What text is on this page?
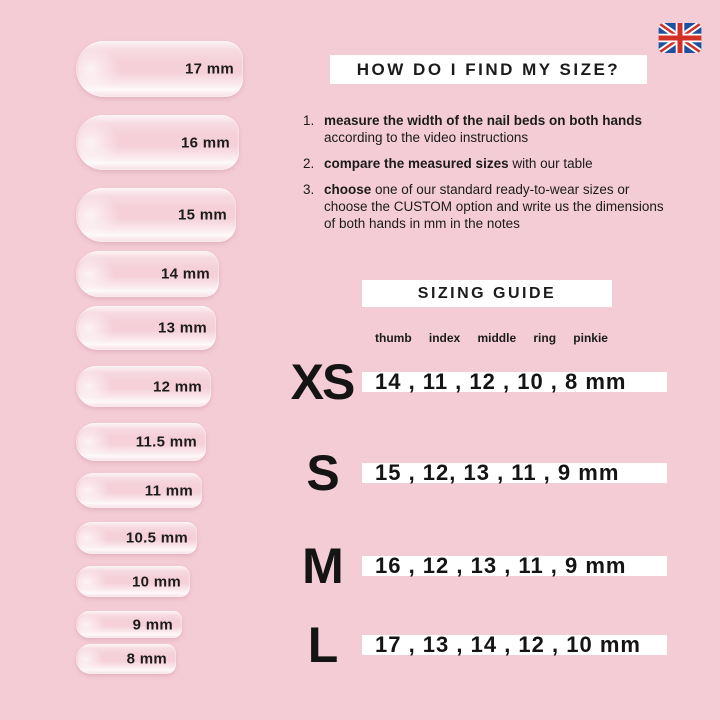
17 mm
16 mm
15 mm
14 mm
13 mm
12 mm
11.5 mm
11 mm
10.5 mm
10 mm
9 mm
8 mm
HOW DO I FIND MY SIZE?
1. measure the width of the nail beds on both hands according to the video instructions
2. compare the measured sizes with our table
3. choose one of our standard ready-to-wear sizes or choose the CUSTOM option and write us the dimensions of both hands in mm in the notes
SIZING GUIDE
thumb index middle ring pinkie
XS 14 , 11 , 12 , 10 , 8 mm
S	15 , 12, 13 , 11 , 9 mm
M	16 , 12 , 13 , 11 , 9 mm
L	17 , 13 , 14 , 12 , 10 mm
